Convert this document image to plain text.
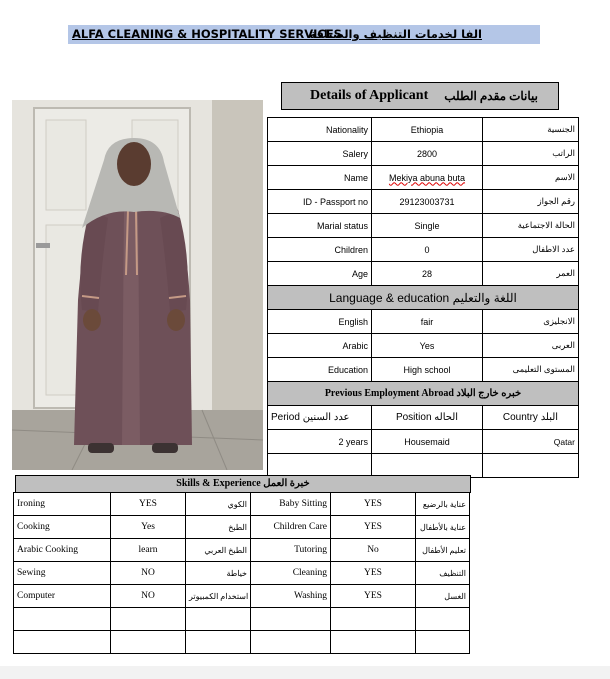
ALFA CLEANING & HOSPITALITY SERVICES
الفا لخدمات التنظيف والضيافة
Details of Applicant بيانات مقدم الطلب
Nationality	Ethiopia	الجنسية
Salery	2800	الراتب
Name	Mekiya abuna buta	الاسم
ID - Passport no	29123003731	رقم الجواز
Marial status	Single	الحالة الاجتماعية
Children	0	عدد الاطفال
Age	28	العمر
Language & education اللغة والتعليم		
English	fair	الانجليزى
Arabic	Yes	العربى
Education	High school	المستوى التعليمى
Previous Employment Abroad خبره خارج البلاد		
Period عدد السنين	Position الحاله	Country البلد
2 years	Housemaid	Qatar

Skills & Experience خبرة العمل
Ironing	YES	الكوي	Baby Sitting	YES	عناية بالرضيع
Cooking	Yes	الطبخ	Children Care	YES	عناية بالأطفال
Arabic Cooking	learn	الطبخ العربي	Tutoring	No	تعليم الأطفال
Sewing	NO	خياطة	Cleaning	YES	التنظيف
Computer	NO	استخدام الكمبيوتر	Washing	YES	الغسل
